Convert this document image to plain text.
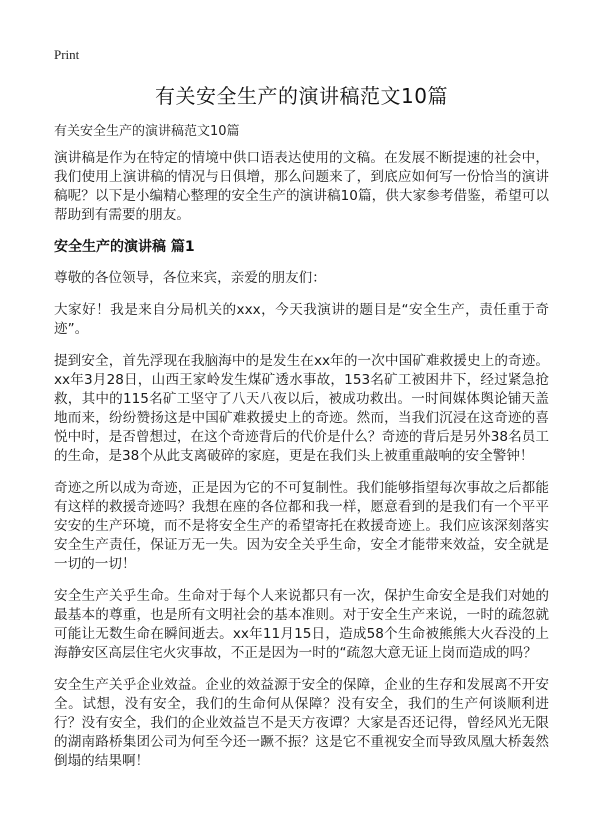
Print
有关安全生产的演讲稿范文10篇
有关安全生产的演讲稿范文10篇

演讲稿是作为在特定的情境中供口语表达使用的文稿。在发展不断提速的社会中，我们使用上演讲稿的情况与日俱增，那么问题来了，到底应如何写一份恰当的演讲稿呢？以下是小编精心整理的安全生产的演讲稿10篇，供大家参考借鉴，希望可以帮助到有需要的朋友。

安全生产的演讲稿 篇1

尊敬的各位领导，各位来宾，亲爱的朋友们：

大家好！我是来自分局机关的xxx，今天我演讲的题目是“安全生产，责任重于奇迹”。

提到安全，首先浮现在我脑海中的是发生在xx年的一次中国矿难救援史上的奇迹。xx年3月28日，山西王家岭发生煤矿透水事故，153名矿工被困井下，经过紧急抢救，其中的115名矿工坚守了八天八夜以后，被成功救出。一时间媒体舆论铺天盖地而来，纷纷赞扬这是中国矿难救援史上的奇迹。然而，当我们沉浸在这奇迹的喜悦中时，是否曾想过，在这个奇迹背后的代价是什么？奇迹的背后是另外38名员工的生命，是38个从此支离破碎的家庭，更是在我们头上被重重敲响的安全警钟！

奇迹之所以成为奇迹，正是因为它的不可复制性。我们能够指望每次事故之后都能有这样的救援奇迹吗？我想在座的各位都和我一样，愿意看到的是我们有一个平平安安的生产环境，而不是将安全生产的希望寄托在救援奇迹上。我们应该深刻落实安全生产责任，保证万无一失。因为安全关乎生命，安全才能带来效益，安全就是一切的一切！

安全生产关乎生命。生命对于每个人来说都只有一次，保护生命安全是我们对她的最基本的尊重，也是所有文明社会的基本准则。对于安全生产来说，一时的疏忽就可能让无数生命在瞬间逝去。xx年11月15日，造成58个生命被熊熊大火吞没的上海静安区高层住宅火灾事故，不正是因为一时的“疏忽大意无证上岗而造成的吗？

安全生产关乎企业效益。企业的效益源于安全的保障，企业的生存和发展离不开安全。试想，没有安全，我们的生命何从保障？没有安全，我们的生产何谈顺利进行？没有安全，我们的企业效益岂不是天方夜谭？大家是否还记得，曾经风光无限的湖南路桥集团公司为何至今还一蹶不振？这是它不重视安全而导致凤凰大桥轰然倒塌的结果啊！
